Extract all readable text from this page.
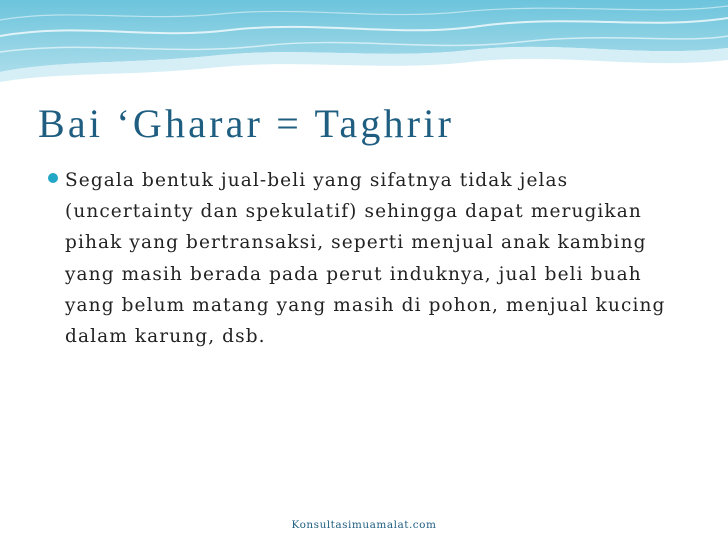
Bai ‘Gharar = Taghrir

Segala bentuk jual-beli yang sifatnya tidak jelas (uncertainty dan spekulatif) sehingga dapat merugikan pihak yang bertransaksi, seperti menjual anak kambing yang masih berada pada perut induknya, jual beli buah yang belum matang yang masih di pohon, menjual kucing dalam karung, dsb.

Konsultasimuamalat.com
